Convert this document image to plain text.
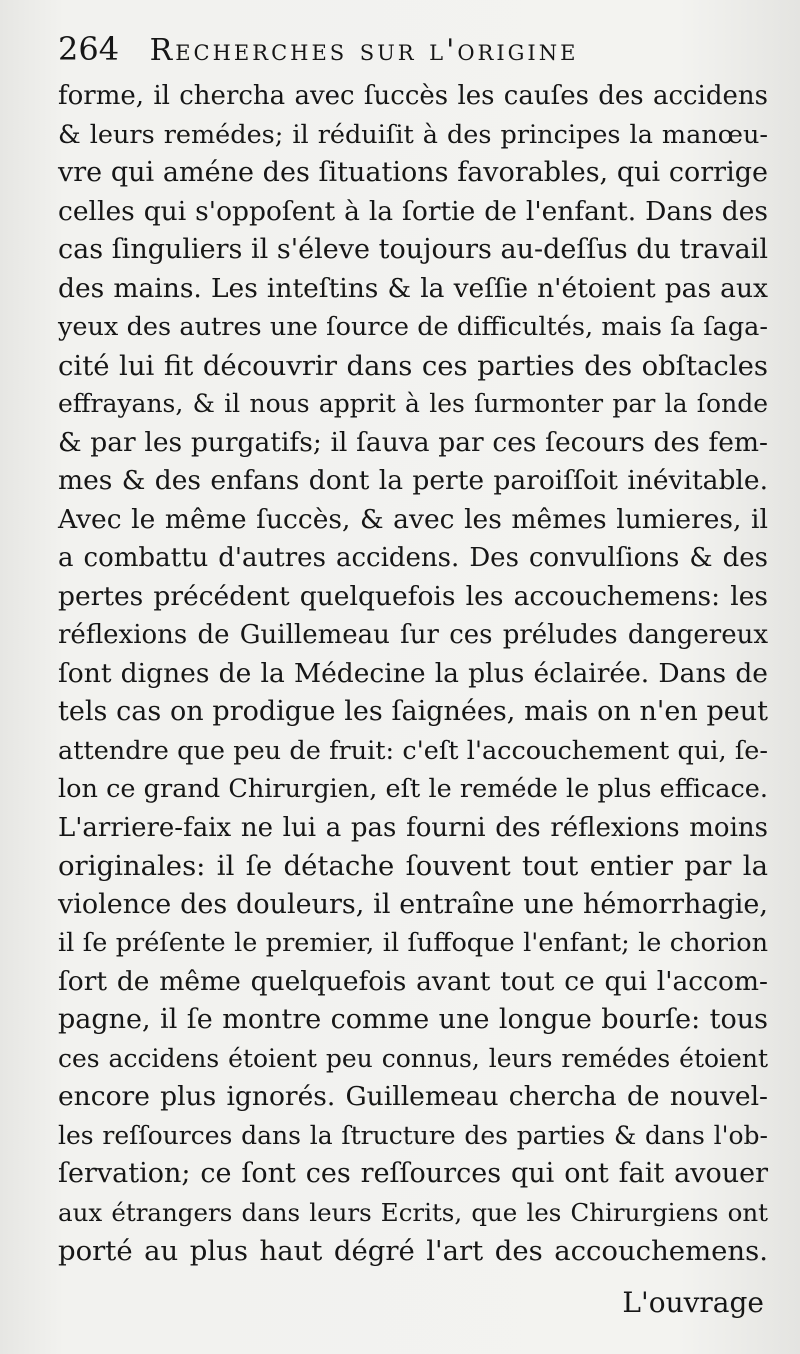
264 Recherches sur l'origine
forme, il chercha avec ſuccès les cauſes des accidens
& leurs remédes; il réduiſit à des principes la manœu-
vre qui améne des ſituations favorables, qui corrige
celles qui s'oppoſent à la ſortie de l'enfant. Dans des
cas ſinguliers il s'éleve toujours au-deſſus du travail
des mains. Les inteſtins & la veſſie n'étoient pas aux
yeux des autres une ſource de difficultés, mais ſa ſaga-
cité lui fit découvrir dans ces parties des obſtacles
effrayans, & il nous apprit à les ſurmonter par la ſonde
& par les purgatifs; il ſauva par ces ſecours des fem-
mes & des enfans dont la perte paroiſſoit inévitable.
Avec le même ſuccès, & avec les mêmes lumieres, il
a combattu d'autres accidens. Des convulſions & des
pertes précédent quelquefois les accouchemens: les
réflexions de Guillemeau ſur ces préludes dangereux
ſont dignes de la Médecine la plus éclairée. Dans de
tels cas on prodigue les ſaignées, mais on n'en peut
attendre que peu de fruit: c'eſt l'accouchement qui, ſe-
lon ce grand Chirurgien, eſt le reméde le plus efficace.
L'arriere-faix ne lui a pas fourni des réflexions moins
originales: il ſe détache ſouvent tout entier par la
violence des douleurs, il entraîne une hémorrhagie,
il ſe préſente le premier, il ſuffoque l'enfant; le chorion
ſort de même quelquefois avant tout ce qui l'accom-
pagne, il ſe montre comme une longue bourſe: tous
ces accidens étoient peu connus, leurs remédes étoient
encore plus ignorés. Guillemeau chercha de nouvel-
les reſſources dans la ſtructure des parties & dans l'ob-
ſervation; ce ſont ces reſſources qui ont fait avouer
aux étrangers dans leurs Ecrits, que les Chirurgiens ont
porté au plus haut dégré l'art des accouchemens.
L'ouvrage
